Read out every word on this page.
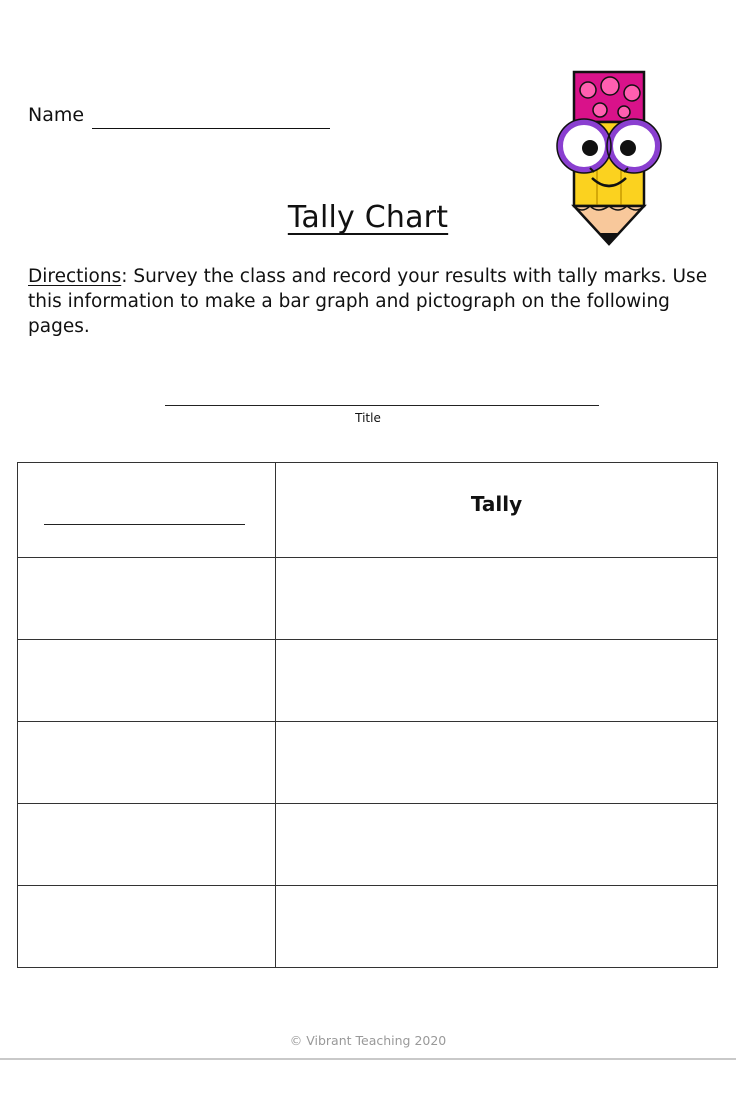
Name
Tally Chart
Directions: Survey the class and record your results with tally marks. Use this information to make a bar graph and pictograph on the following pages.
Title
	Tally

© Vibrant Teaching 2020
